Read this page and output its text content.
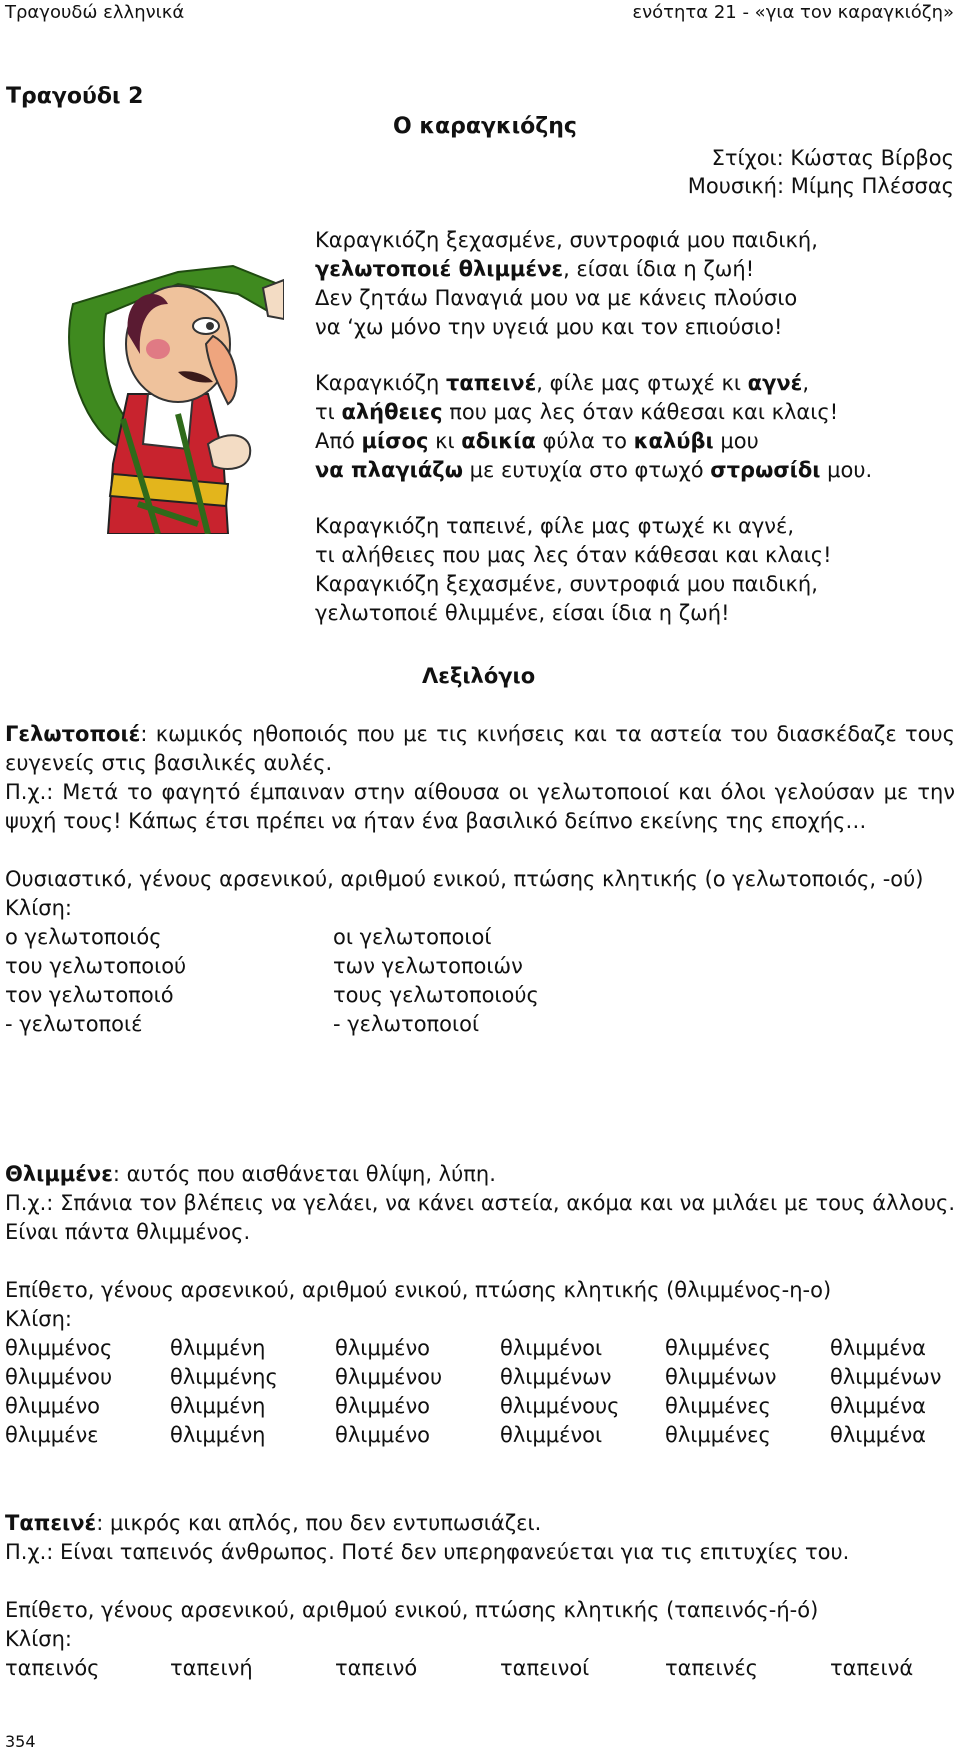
Τραγουδώ ελληνικά	ενότητα 21 - «για τον καραγκιόζη»
Τραγούδι 2
Ο καραγκιόζης
Στίχοι: Κώστας Βίρβος
Μουσική: Μίμης Πλέσσας
Καραγκιόζη ξεχασμένε, συντροφιά μου παιδική,
γελωτοποιέ θλιμμένε, είσαι ίδια η ζωή!
Δεν ζητάω Παναγιά μου να με κάνεις πλούσιο
να ‘χω μόνο την υγειά μου και τον επιούσιο!
Καραγκιόζη ταπεινέ, φίλε μας φτωχέ κι αγνέ,
τι αλήθειες που μας λες όταν κάθεσαι και κλαις!
Από μίσος κι αδικία φύλα το καλύβι μου
να πλαγιάζω με ευτυχία στο φτωχό στρωσίδι μου.
Καραγκιόζη ταπεινέ, φίλε μας φτωχέ κι αγνέ,
τι αλήθειες που μας λες όταν κάθεσαι και κλαις!
Καραγκιόζη ξεχασμένε, συντροφιά μου παιδική,
γελωτοποιέ θλιμμένε, είσαι ίδια η ζωή!
Λεξιλόγιο
Γελωτοποιέ: κωμικός ηθοποιός που με τις κινήσεις και τα αστεία του διασκέδαζε τους ευγενείς στις βασιλικές αυλές.
Π.χ.: Μετά το φαγητό έμπαιναν στην αίθουσα οι γελωτοποιοί και όλοι γελούσαν με την ψυχή τους! Κάπως έτσι πρέπει να ήταν ένα βασιλικό δείπνο εκείνης της εποχής…
Ουσιαστικό, γένους αρσενικού, αριθμού ενικού, πτώσης κλητικής (ο γελωτοποιός, -ού)
Κλίση:
ο γελωτοποιός	οι γελωτοποιοί
του γελωτοποιού	των γελωτοποιών
τον γελωτοποιό	τους γελωτοποιούς
- γελωτοποιέ	- γελωτοποιοί
Θλιμμένε: αυτός που αισθάνεται θλίψη, λύπη.
Π.χ.: Σπάνια τον βλέπεις να γελάει, να κάνει αστεία, ακόμα και να μιλάει με τους άλλους. Είναι πάντα θλιμμένος.
Επίθετο, γένους αρσενικού, αριθμού ενικού, πτώσης κλητικής (θλιμμένος-η-ο)
Κλίση:
θλιμμένος	θλιμμένη	θλιμμένο	θλιμμένοι	θλιμμένες	θλιμμένα
θλιμμένου	θλιμμένης	θλιμμένου	θλιμμένων	θλιμμένων	θλιμμένων
θλιμμένο	θλιμμένη	θλιμμένο	θλιμμένους	θλιμμένες	θλιμμένα
θλιμμένε	θλιμμένη	θλιμμένο	θλιμμένοι	θλιμμένες	θλιμμένα
Ταπεινέ: μικρός και απλός, που δεν εντυπωσιάζει.
Π.χ.: Είναι ταπεινός άνθρωπος. Ποτέ δεν υπερηφανεύεται για τις επιτυχίες του.
Επίθετο, γένους αρσενικού, αριθμού ενικού, πτώσης κλητικής (ταπεινός-ή-ό)
Κλίση:
ταπεινός	ταπεινή	ταπεινό	ταπεινοί	ταπεινές	ταπεινά
354
